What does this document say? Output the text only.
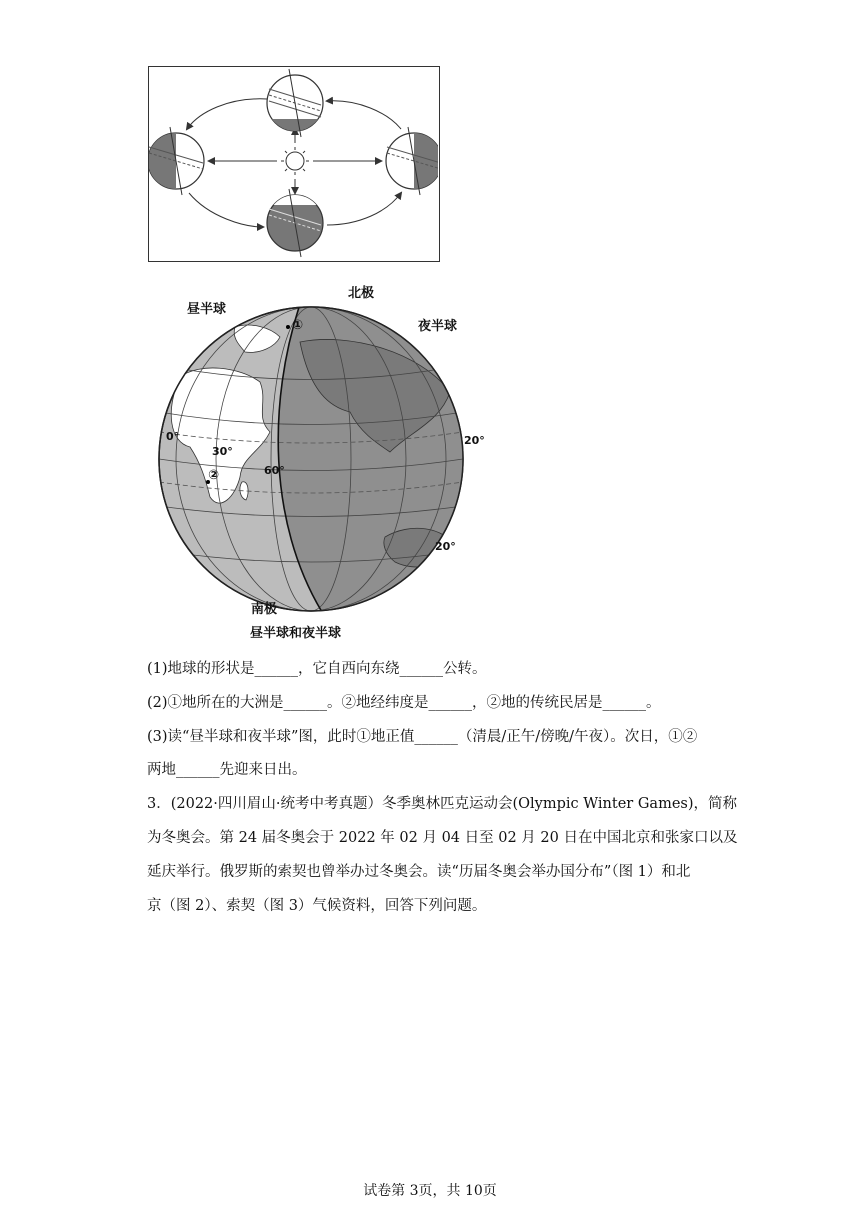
北极
昼半球
夜半球
①
②
0°
30°
60°
20°
20°
南极
昼半球和夜半球
(1)地球的形状是______，它自西向东绕______公转。
(2)①地所在的大洲是______。②地经纬度是______，②地的传统民居是______。
(3)读“昼半球和夜半球”图，此时①地正值______（清晨/正午/傍晚/午夜）。次日，①②
两地______先迎来日出。
3．(2022·四川眉山·统考中考真题）冬季奥林匹克运动会(Olympic Winter Games)，简称
为冬奥会。第 24 届冬奥会于 2022 年 02 月 04 日至 02 月 20 日在中国北京和张家口以及
延庆举行。俄罗斯的索契也曾举办过冬奥会。读“历届冬奥会举办国分布”（图 1）和北
京（图 2）、索契（图 3）气候资料，回答下列问题。
试卷第 3页，共 10页
